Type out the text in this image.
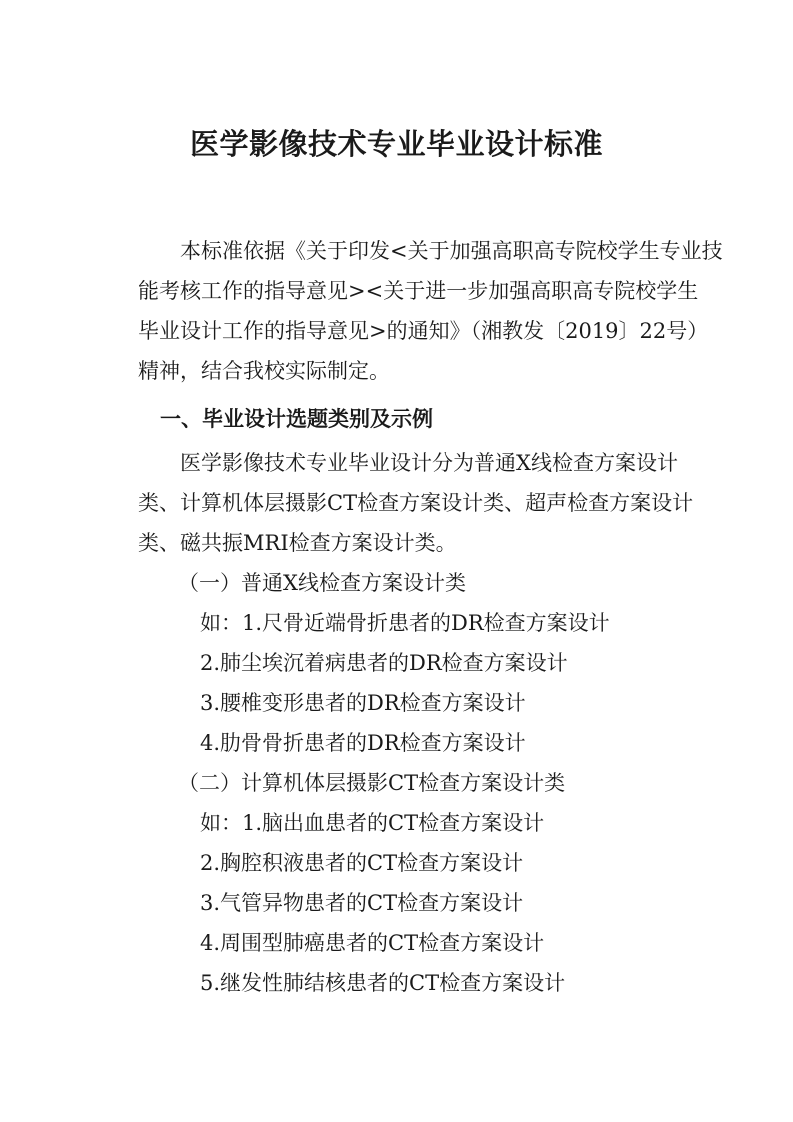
医学影像技术专业毕业设计标准

　　本标准依据《关于印发<关于加强高职高专院校学生专业技

能考核工作的指导意见><关于进一步加强高职高专院校学生

毕业设计工作的指导意见>的通知》（湘教发〔2019〕22号）

精神，结合我校实际制定。

一、毕业设计选题类别及示例

　　医学影像技术专业毕业设计分为普通X线检查方案设计

类、计算机体层摄影CT检查方案设计类、超声检查方案设计

类、磁共振MRI检查方案设计类。

（一）普通X线检查方案设计类

如：1.尺骨近端骨折患者的DR检查方案设计

2.肺尘埃沉着病患者的DR检查方案设计

3.腰椎变形患者的DR检查方案设计

4.肋骨骨折患者的DR检查方案设计

（二）计算机体层摄影CT检查方案设计类

如：1.脑出血患者的CT检查方案设计

2.胸腔积液患者的CT检查方案设计

3.气管异物患者的CT检查方案设计

4.周围型肺癌患者的CT检查方案设计

5.继发性肺结核患者的CT检查方案设计
